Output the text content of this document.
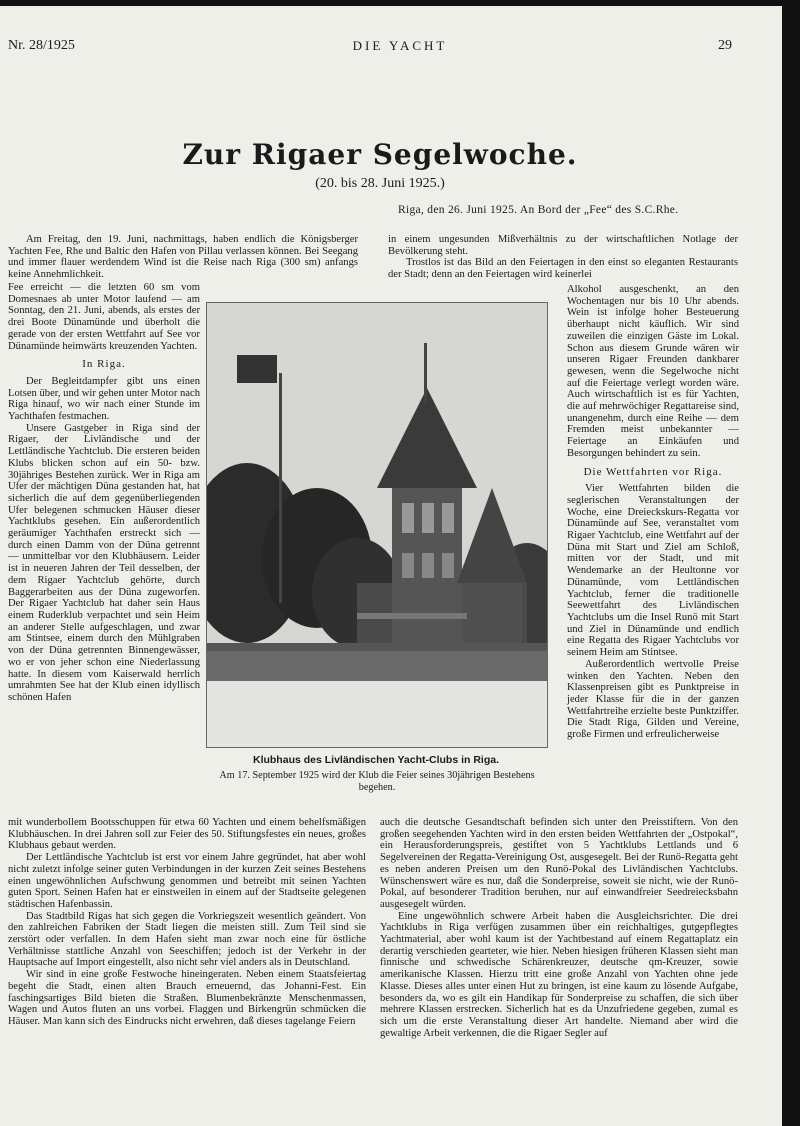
Nr. 28/1925	DIE YACHT	29
Zur Rigaer Segelwoche.
(20. bis 28. Juni 1925.)
Riga, den 26. Juni 1925. An Bord der „Fee“ des S.C.Rhe.

Am Freitag, den 19. Juni, nachmittags, haben endlich die Königsberger Yachten Fee, Rhe und Baltic den Hafen von Pillau verlassen können. Bei Seegang und immer flauer werdendem Wind ist die Reise nach Riga (300 sm) anfangs keine Annehmlichkeit.

Fee erreicht — die letzten 60 sm vom Domesnaes ab unter Motor laufend — am Sonntag, den 21. Juni, abends, als erstes der drei Boote Dünamünde und überholt die gerade von der ersten Wettfahrt auf See vor Dünamünde heimwärts kreuzenden Yachten.

In Riga.

Der Begleitdampfer gibt uns einen Lotsen über, und wir gehen unter Motor nach Riga hinauf, wo wir nach einer Stunde im Yachthafen festmachen.

Unsere Gastgeber in Riga sind der Rigaer, der Livländische und der Lettländische Yachtclub. Die ersteren beiden Klubs blicken schon auf ein 50- bzw. 30jähriges Bestehen zurück. Wer in Riga am Ufer der mächtigen Düna gestanden hat, hat sicherlich die auf dem gegenüberliegenden Ufer belegenen schmucken Häuser dieser Yachtklubs gesehen. Ein außerordentlich geräumiger Yachthafen erstreckt sich — durch einen Damm von der Düna getrennt — unmittelbar vor den Klubhäusern. Leider ist in neueren Jahren der Teil desselben, der dem Rigaer Yachtclub gehörte, durch Baggerarbeiten aus der Düna zugeworfen. Der Rigaer Yachtclub hat daher sein Haus einem Ruderklub verpachtet und sein Heim an anderer Stelle aufgeschlagen, und zwar am Stintsee, einem durch den Mühlgraben von der Düna getrennten Binnengewässer, wo er von jeher schon eine Niederlassung hatte. In diesem vom Kaiserwald herrlich umrahmten See hat der Klub einen idyllisch schönen Hafen

in einem ungesunden Mißverhältnis zu der wirtschaftlichen Notlage der Bevölkerung steht.

Trostlos ist das Bild an den Feiertagen in den einst so eleganten Restaurants der Stadt; denn an den Feiertagen wird keinerlei

Alkohol ausgeschenkt, an den Wochentagen nur bis 10 Uhr abends. Wein ist infolge hoher Besteuerung überhaupt nicht käuflich. Wir sind zuweilen die einzigen Gäste im Lokal. Schon aus diesem Grunde wären wir unseren Rigaer Freunden dankbarer gewesen, wenn die Segelwoche nicht auf die Feiertage verlegt worden wäre. Auch wirtschaftlich ist es für Yachten, die auf mehrwöchiger Regattareise sind, unangenehm, durch eine Reihe — dem Fremden meist unbekannter — Feiertage an Einkäufen und Besorgungen behindert zu sein.

Die Wettfahrten vor Riga.

Vier Wettfahrten bilden die seglerischen Veranstaltungen der Woche, eine Dreieckskurs-Regatta vor Dünamünde auf See, veranstaltet vom Rigaer Yachtclub, eine Wettfahrt auf der Düna mit Start und Ziel am Schloß, mitten vor der Stadt, und mit Wendemarke an der Heultonne vor Dünamünde, vom Lettländischen Yachtclub, ferner die traditionelle Seewettfahrt des Livländischen Yachtclubs um die Insel Runö mit Start und Ziel in Dünamünde und endlich eine Regatta des Rigaer Yachtclubs vor seinem Heim am Stintsee.

Außerordentlich wertvolle Preise winken den Yachten. Neben den Klassenpreisen gibt es Punktpreise in jeder Klasse für die in der ganzen Wettfahrtreihe erzielte beste Punktziffer. Die Stadt Riga, Gilden und Vereine, große Firmen und erfreulicherweise

Klubhaus des Livländischen Yacht-Clubs in Riga.
Am 17. September 1925 wird der Klub die Feier seines 30jährigen Bestehens begehen.

mit wunderbollem Bootsschuppen für etwa 60 Yachten und einem behelfsmäßigen Klubhäuschen. In drei Jahren soll zur Feier des 50. Stiftungsfestes ein neues, großes Klubhaus gebaut werden.

Der Lettländische Yachtclub ist erst vor einem Jahre gegründet, hat aber wohl nicht zuletzt infolge seiner guten Verbindungen in der kurzen Zeit seines Bestehens einen ungewöhnlichen Aufschwung genommen und betreibt mit seinen Yachten guten Sport. Seinen Hafen hat er einstweilen in einem auf der Stadtseite gelegenen städtischen Hafenbassin.

Das Stadtbild Rigas hat sich gegen die Vorkriegszeit wesentlich geändert. Von den zahlreichen Fabriken der Stadt liegen die meisten still. Zum Teil sind sie zerstört oder verfallen. In dem Hafen sieht man zwar noch eine für östliche Verhältnisse stattliche Anzahl von Seeschiffen; jedoch ist der Verkehr in der Hauptsache auf Import eingestellt, also nicht sehr viel anders als in Deutschland.

Wir sind in eine große Festwoche hineingeraten. Neben einem Staatsfeiertag begeht die Stadt, einen alten Brauch erneuernd, das Johanni-Fest. Ein faschingsartiges Bild bieten die Straßen. Blumenbekränzte Menschenmassen, Wagen und Autos fluten an uns vorbei. Flaggen und Birkengrün schmücken die Häuser. Man kann sich des Eindrucks nicht erwehren, daß dieses tagelange Feiern

auch die deutsche Gesandtschaft befinden sich unter den Preisstiftern. Von den großen seegehenden Yachten wird in den ersten beiden Wettfahrten der „Ostpokal“, ein Herausforderungspreis, gestiftet von 5 Yachtklubs Lettlands und 6 Segelvereinen der Regatta-Vereinigung Ost, ausgesegelt. Bei der Runö-Regatta geht es neben anderen Preisen um den Runö-Pokal des Livländischen Yachtclubs. Wünschenswert wäre es nur, daß die Sonderpreise, soweit sie nicht, wie der Runö-Pokal, auf besonderer Tradition beruhen, nur auf einwandfreier Seedreiecksbahn ausgesegelt würden.

Eine ungewöhnlich schwere Arbeit haben die Ausgleichsrichter. Die drei Yachtklubs in Riga verfügen zusammen über ein reichhaltiges, gutgepflegtes Yachtmaterial, aber wohl kaum ist der Yachtbestand auf einem Regattaplatz ein derartig verschieden gearteter, wie hier. Neben hiesigen früheren Klassen sieht man finnische und schwedische Schärenkreuzer, deutsche qm-Kreuzer, sowie amerikanische Klassen. Hierzu tritt eine große Anzahl von Yachten ohne jede Klasse. Dieses alles unter einen Hut zu bringen, ist eine kaum zu lösende Aufgabe, besonders da, wo es gilt ein Handikap für Sonderpreise zu schaffen, die sich über mehrere Klassen erstrecken. Sicherlich hat es da Unzufriedene gegeben, zumal es sich um die erste Veranstaltung dieser Art handelte. Niemand aber wird die gewaltige Arbeit verkennen, die die Rigaer Segler auf
